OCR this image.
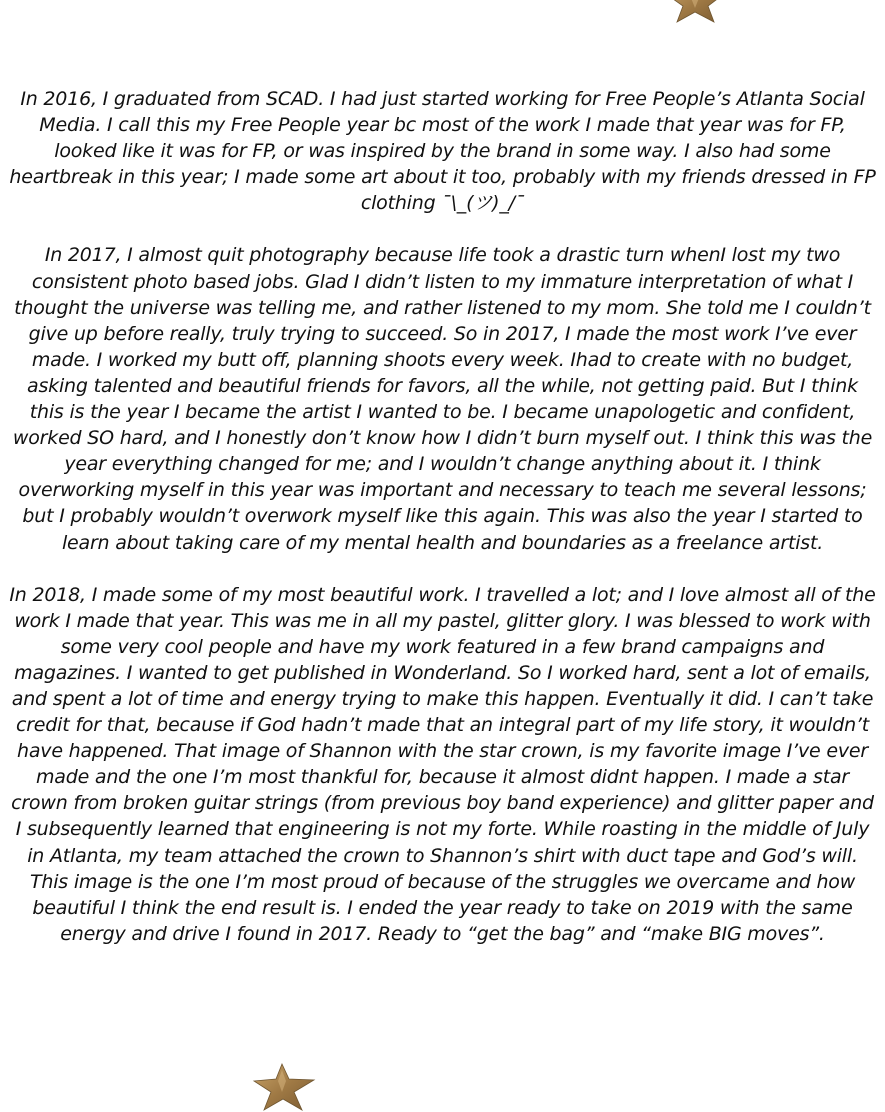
In 2016, I graduated from SCAD. I had just started working for Free People’s Atlanta Social Media. I call this my Free People year bc most of the work I made that year was for FP, looked like it was for FP, or was inspired by the brand in some way. I also had some heartbreak in this year; I made some art about it too, probably with my friends dressed in FP clothing ¯\_(ツ)_/¯

In 2017, I almost quit photography because life took a drastic turn whenI lost my two consistent photo based jobs. Glad I didn’t listen to my immature interpretation of what I thought the universe was telling me, and rather listened to my mom. She told me I couldn’t give up before really, truly trying to succeed. So in 2017, I made the most work I’ve ever made. I worked my butt off, planning shoots every week. Ihad to create with no budget, asking talented and beautiful friends for favors, all the while, not getting paid. But I think this is the year I became the artist I wanted to be. I became unapologetic and confident, worked SO hard, and I honestly don’t know how I didn’t burn myself out. I think this was the year everything changed for me; and I wouldn’t change anything about it. I think overworking myself in this year was important and necessary to teach me several lessons; but I probably wouldn’t overwork myself like this again. This was also the year I started to learn about taking care of my mental health and boundaries as a freelance artist.

In 2018, I made some of my most beautiful work. I travelled a lot; and I love almost all of the work I made that year. This was me in all my pastel, glitter glory. I was blessed to work with some very cool people and have my work featured in a few brand campaigns and magazines. I wanted to get published in Wonderland. So I worked hard, sent a lot of emails, and spent a lot of time and energy trying to make this happen. Eventually it did. I can’t take credit for that, because if God hadn’t made that an integral part of my life story, it wouldn’t have happened. That image of Shannon with the star crown, is my favorite image I’ve ever made and the one I’m most thankful for, because it almost didnt happen. I made a star crown from broken guitar strings (from previous boy band experience) and glitter paper and I subsequently learned that engineering is not my forte. While roasting in the middle of July in Atlanta, my team attached the crown to Shannon’s shirt with duct tape and God’s will. This image is the one I’m most proud of because of the struggles we overcame and how beautiful I think the end result is. I ended the year ready to take on 2019 with the same energy and drive I found in 2017. Ready to “get the bag” and “make BIG moves”.
